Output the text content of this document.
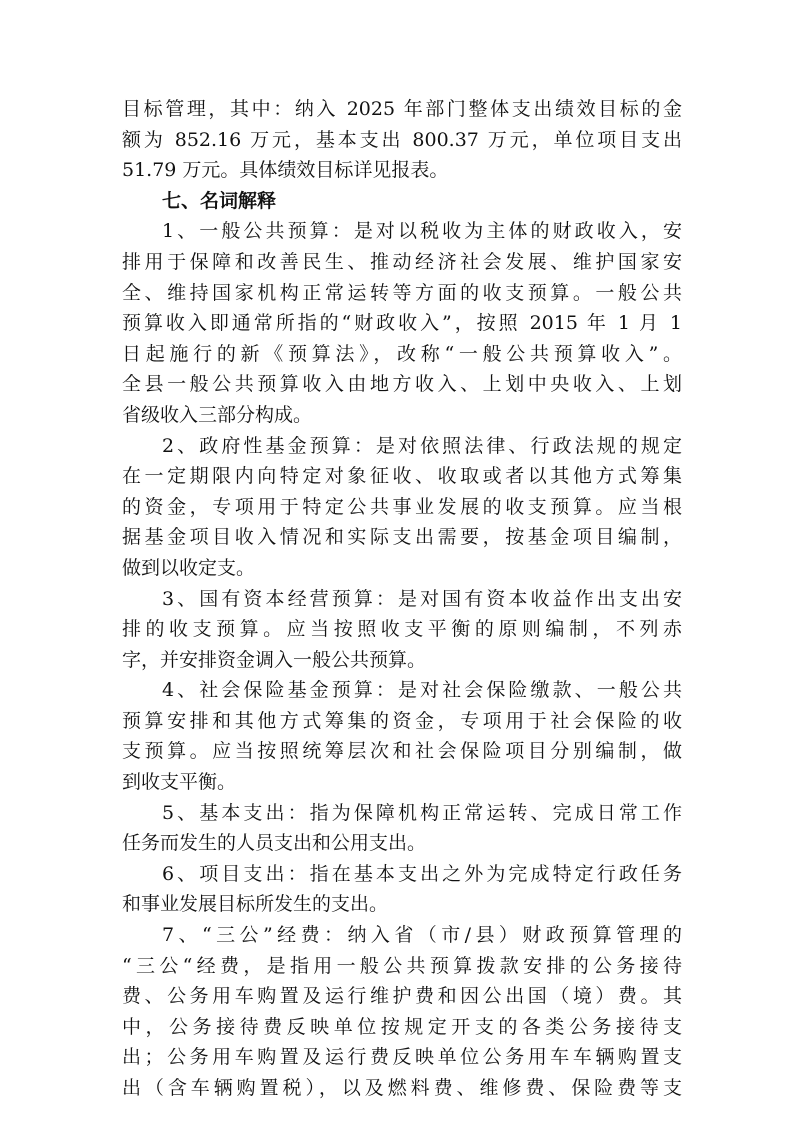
目标管理，其中：纳入 2025 年部门整体支出绩效目标的金
额为 852.16 万元，基本支出 800.37 万元，单位项目支出
51.79 万元。具体绩效目标详见报表。
七、名词解释
1、一般公共预算：是对以税收为主体的财政收入，安
排用于保障和改善民生、推动经济社会发展、维护国家安
全、维持国家机构正常运转等方面的收支预算。一般公共
预算收入即通常所指的“财政收入”，按照 2015 年 1 月 1
日起施行的新《预算法》，改称“一般公共预算收入”。
全县一般公共预算收入由地方收入、上划中央收入、上划
省级收入三部分构成。
2、政府性基金预算：是对依照法律、行政法规的规定
在一定期限内向特定对象征收、收取或者以其他方式筹集
的资金，专项用于特定公共事业发展的收支预算。应当根
据基金项目收入情况和实际支出需要，按基金项目编制，
做到以收定支。
3、国有资本经营预算：是对国有资本收益作出支出安
排的收支预算。应当按照收支平衡的原则编制，不列赤
字，并安排资金调入一般公共预算。
4、社会保险基金预算：是对社会保险缴款、一般公共
预算安排和其他方式筹集的资金，专项用于社会保险的收
支预算。应当按照统筹层次和社会保险项目分别编制，做
到收支平衡。
5、基本支出：指为保障机构正常运转、完成日常工作
任务而发生的人员支出和公用支出。
6、项目支出：指在基本支出之外为完成特定行政任务
和事业发展目标所发生的支出。
7、“三公”经费：纳入省（市/县）财政预算管理的
“三公“经费，是指用一般公共预算拨款安排的公务接待
费、公务用车购置及运行维护费和因公出国（境）费。其
中，公务接待费反映单位按规定开支的各类公务接待支
出；公务用车购置及运行费反映单位公务用车车辆购置支
出（含车辆购置税），以及燃料费、维修费、保险费等支
